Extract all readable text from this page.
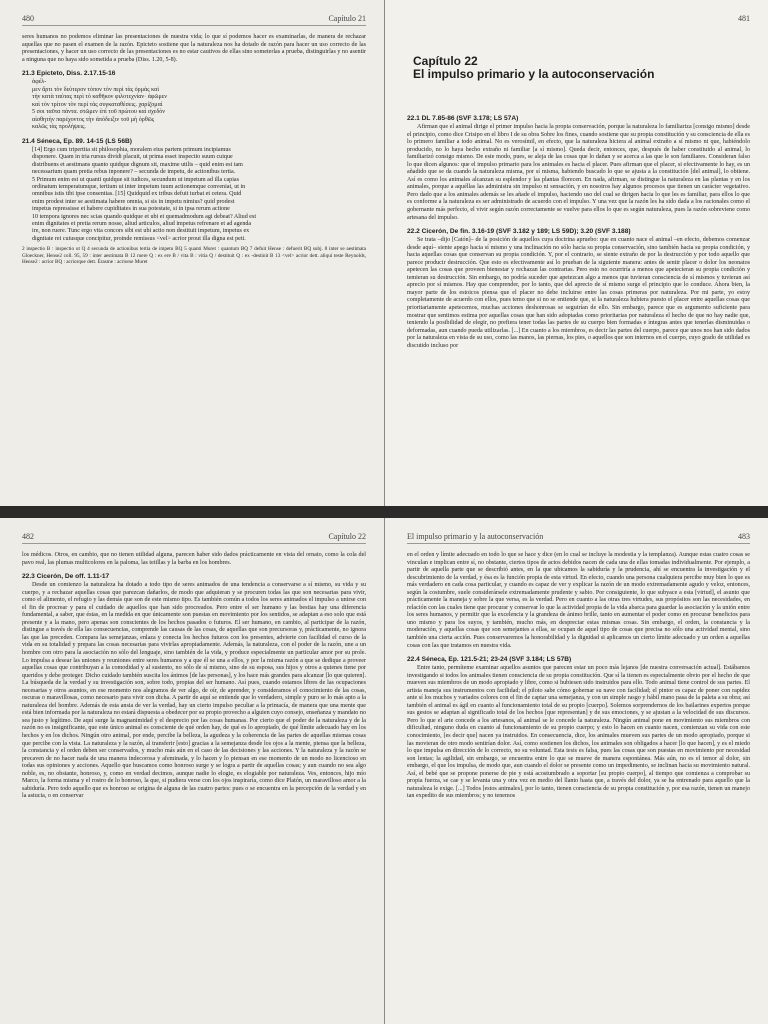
480	Capítulo 21

seres humanos no podemos eliminar las presentaciones de nuestra vida; lo que sí podemos hacer es examinarlas, de manera de rechazar aquellas que no pasen el examen de la razón. Epicteto sostiene que la naturaleza nos ha dotado de razón para hacer un uso correcto de las presentaciones, y hacer un uso correcto de las presentaciones es no estar cautivos de ellas sino someterlas a prueba, distinguirlas y no asentir a ninguna que no haya sido sometida a prueba (Diss. 1.20, 5-8).

21.3 Epicteto, Diss. 2.17.15-16
ἀφέλ-
μεν ἄρτι τὸν δεύτερον τόπον τὸν περὶ τὰς ὁρμὰς καὶ
τὴν κατὰ ταύτας περὶ τὸ καθῆκον φιλοτεχνίαν· ἀφῶμεν
καὶ τὸν τρίτον τὸν περὶ τὰς συγκαταθέσεις. χαρίζομαί
5 σοι ταῦτα πάντα. στῶμεν ἐπὶ τοῦ πρώτου καὶ σχεδὸν
αἰσθητὴν παρέχοντος τὴν ἀπόδειξιν τοῦ μὴ ὀρθῶς
καλῶς τὰς προλήψεις.
21.4 Séneca, Ep. 89. 14-15 (LS 56B)
[14] Ergo cum tripertita sit philosophia, moralem eius partem primum incipiamus
disponere. Quam in tria rursus dividi placuit, ut prima esset inspectio suum cuique
distribuens et aestimans quanto quidque dignum sit, maxime utilis – quid enim est tam
necessarium quam pretia rebus inponere? – secunda de impetu, de actionibus tertia.
5 Primum enim est ut quanti quidque sit iudices, secundum ut impetum ad illa capias
ordinatum temperatumque, tertium ut inter impetum tuum actionemque conveniat, ut in
omnibus istis tibi ipse consentias. [15] Quidquid ex tribus defuit turbat et cetera. Quid
enim prodest inter se aestimata habere omnia, si sis in impetu nimius? quid prodest
impetus repressisse et habere cupiditates in sua potestate, si in ipsa rerum actione
10 tempora ignores nec scias quando quidque et ubi et quemadmodum agi debeat? Aliud est
enim dignitates et pretia rerum nosse, aliud articulos, aliud impetus refrenare et ad agenda
ire, non ruere. Tunc ergo vita concors sibi est ubi actio non destituit impetum, impetus ex
dignitate rei cuiusque concipitur, proinde remissus <vel> acrior prout illa digna est peti.

2 inspectio B : inspectio ut Q 4 secunda de actionibus tertia de impetu BQ 5 quanti Muret : quantum BQ 7 defuit Hense : defuerit BQ subj. 8 inter se aestimata Gloeckner, Hense2 coll. 95, 59 : inter aestimata B 12 ruere Q : ex ere B / vita B : vitia Q / destituit Q : ex -destinit B 13 <vel> acrior dett. aliqui teste Reynolds, Hense2 : acrior BQ : acriorque dett. Érasme : acriorse Muret

481
Capítulo 22
El impulso primario y la autoconservación
22.1 DL 7.85-86 (SVF 3.178; LS 57A)

Afirman que el animal dirige el primer impulso hacia la propia conservación, porque la naturaleza lo familiariza [consigo mismo] desde el principio, como dice Crisipo en el libro I de su obra Sobre los fines, cuando sostiene que su propia constitución y su consciencia de ella es lo primero familiar a todo animal. No es verosímil, en efecto, que la naturaleza hiciera al animal extraño a sí mismo ni que, habiéndolo producido, no lo haya hecho extraño ni familiar [a sí mismo]. Queda decir, entonces, que, después de haber constituido al animal, lo familiarizó consigo mismo. De este modo, pues, se aleja de las cosas que lo dañan y se acerca a las que le son familiares. Consideran falso lo que dicen algunos: que el impulso primario para los animales es hacia el placer. Pues afirman que el placer, si efectivamente lo hay, es un añadido que se da cuando la naturaleza misma, por sí misma, habiendo buscado lo que se ajusta a la constitución [del animal], lo obtiene. Así es como los animales alcanzan su esplendor y las plantas florecen. En nada, afirman, se distingue la naturaleza en las plantas y en los animales, porque a aquéllas las administra sin impulso ni sensación, y en nosotros hay algunos procesos que tienen un carácter vegetativo. Pero dado que a los animales además se les añade el impulso, haciendo uso del cual se dirigen hacia lo que les es familiar, para ellos lo que es conforme a la naturaleza es ser administrado de acuerdo con el impulso. Y una vez que la razón les ha sido dada a los racionales como el gobernante más perfecto, el vivir según razón correctamente se vuelve para ellos lo que es según naturaleza, pues la razón sobreviene como artesana del impulso.

22.2 Cicerón, De fin. 3.16-19 (SVF 3.182 y 189; LS 59D); 3.20 (SVF 3.188)

Se trata –dijo [Catón]– de la posición de aquellos cuya doctrina apruebo: que en cuanto nace el animal –en efecto, debemos comenzar desde aquí– siente apego hacia sí mismo y una inclinación no sólo hacia su propia conservación, sino también hacia su propia condición, y hacia aquellas cosas que conservan su propia condición. Y, por el contrario, se siente extraño de por la destrucción y por todo aquello que parece producir destrucción. Que esto es efectivamente así lo prueban de la siguiente manera: antes de sentir placer o dolor los neonatos apetecen las cosas que proveen bienestar y rechazan las contrarias. Pero esto no ocurriría a menos que apetecieran su propia condición y temieran su destrucción. Sin embargo, no podría suceder que apetezcan algo a menos que tuvieran consciencia de sí mismos y tuvieran así aprecio por sí mismos. Hay que comprender, por lo tanto, que del aprecio de sí mismo surge el principio que lo conduce. Ahora bien, la mayor parte de los estoicos piensa que el placer no debe incluirse entre las cosas primeras por naturaleza. Por mi parte, yo estoy completamente de acuerdo con ellos, pues temo que si no se entiende que, si la naturaleza hubiera puesto el placer entre aquellas cosas que prioritariamente apetecemos, muchas acciones deshonrosas se seguirían de ello. Sin embargo, parece que es argumento suficiente para mostrar que sentimos estima por aquellas cosas que han sido adoptadas como prioritarias por naturaleza el hecho de que no hay nadie que, teniendo la posibilidad de elegir, no prefiera tener todas las partes de su cuerpo bien formadas e íntegras antes que tenerlas disminuidas o deformadas, aun cuando pueda utilizarlas. [...] En cuanto a los miembros, es decir las partes del cuerpo, parece que unos nos han sido dados por la naturaleza en vista de su uso, como las manos, las piernas, los pies, o aquellos que son internos en el cuerpo, cuyo grado de utilidad es discutido incluso por

482	Capítulo 22

los médicos. Otros, en cambio, que no tienen utilidad alguna, parecen haber sido dados prácticamente en vista del ornato, como la cola del pavo real, las plumas multicolores en la paloma, las tetillas y la barba en los hombres.

22.3 Cicerón, De off. 1.11-17

Desde un comienzo la naturaleza ha dotado a todo tipo de seres animados de una tendencia a conservarse a sí mismo, su vida y su cuerpo, y a rechazar aquellas cosas que parezcan dañarlos, de modo que adquieran y se procuren todas las que son necesarias para vivir, como el alimento, el refugio y las demás que son de este mismo tipo. Es también común a todos los seres animados el impulso a unirse con el fin de procrear y para el cuidado de aquellos que han sido procreados. Pero entre el ser humano y las bestias hay una diferencia fundamental, a saber, que éstas, en la medida en que únicamente son puestas en movimiento por los sentidos, se adaptan a eso solo que está presente y a la mano, pero apenas son conscientes de los hechos pasados o futuros. El ser humano, en cambio, al participar de la razón, distingue a través de ella las consecuencias, comprende las causas de las cosas, de aquellas que son precursoras y, prácticamente, no ignora las que las preceden. Compara las semejanzas, enlaza y conecta los hechos futuros con los presentes, advierte con facilidad el curso de la vida en su totalidad y prepara las cosas necesarias para vivirlas apropiadamente. Además, la naturaleza, con el poder de la razón, une a un hombre con otro para la asociación no sólo del lenguaje, sino también de la vida, y produce especialmente un particular amor por su prole. Lo impulsa a desear las uniones y reuniones entre seres humanos y a que él se una a ellos, y por la misma razón a que se dedique a proveer aquellas cosas que contribuyan a la comodidad y al sustento, no sólo de sí mismo, sino de su esposa, sus hijos y otros a quienes tiene por queridos y debe proteger. Dicho cuidado también suscita los ánimos [de las personas], y los hace más grandes para alcanzar [lo que quieren]. La búsqueda de la verdad y su investigación son, sobre todo, propias del ser humano. Así pues, cuando estamos libres de las ocupaciones necesarias y otros asuntos, en ese momento nos alegramos de ver algo, de oír, de aprender, y consideramos el conocimiento de las cosas, oscuras o maravillosas, como necesario para vivir con dicha. A partir de aquí se entiende que lo verdadero, simple y puro se lo más apto a la naturaleza del hombre. Además de esta ansia de ver la verdad, hay un cierto impulso peculiar a la primacía, de manera que una mente que está bien informada por la naturaleza no estará dispuesta a obedecer por su propio provecho a alguien cuyo consejo, enseñanza y mandato no sea justo y legítimo. De aquí surge la magnanimidad y el desprecio por las cosas humanas. Por cierto que el poder de la naturaleza y de la razón no es insignificante, que este único animal es consciente de qué orden hay, de qué es lo apropiado, de qué límite adecuado hay en los hechos y en los dichos. Ningún otro animal, por ende, percibe la belleza, la agudeza y la coherencia de las partes de aquellas mismas cosas que percibe con la vista. La naturaleza y la razón, al transferir [esto] gracias a la semejanza desde los ojos a la mente, piensa que la belleza, la constancia y el orden deben ser conservados, y mucho más aún en el caso de las decisiones y las acciones. Y la naturaleza y la razón se precaven de no hacer nada de una manera indecorosa y afeminada, y lo hacen y lo piensan en ese momento de un modo no licencioso en todas sus opiniones y acciones. Aquello que buscamos como honroso surge y se logra a partir de aquellas cosas; y aun cuando no sea algo noble, es, no obstante, honroso, y, como en verdad decimos, aunque nadie lo elogie, es elogiable por naturaleza. Ves, entonces, hijo mío Marco, la forma misma y el rostro de lo honroso, la que, si pudiera verse con los ojos inspiraría, como dice Platón, un maravilloso amor a la sabiduría. Pero todo aquello que es honroso se origina de alguna de las cuatro partes: pues o se encuentra en la percepción de la verdad y en la astucia, o en conservar

El impulso primario y la autoconservación	483

en el orden y límite adecuado en todo lo que se hace y dice (en lo cual se incluye la modestia y la templanza). Aunque estas cuatro cosas se vinculan e implican entre sí, no obstante, ciertos tipos de actos debidos nacen de cada una de ellas tomadas individualmente. Por ejemplo, a partir de aquella parte que se describió antes, en la que ubicamos la sabiduría y la prudencia, ahí se encuentra la investigación y el descubrimiento de la verdad, y ésa es la función propia de esta virtud. En efecto, cuando una persona cualquiera percibe muy bien lo que es más verdadero en cada cosa particular, y cuando es capaz de ver y explicar la razón de un modo extremadamente agudo y veloz, entonces, según la costumbre, suele considerársele extremadamente prudente y sabio. Por consiguiente, lo que subyace a esta [virtud], el asunto que prácticamente la maneja y sobre la que versa, es la verdad. Pero en cuanto a las otras tres virtudes, sus propósitos son las necesidades, en relación con las cuales tiene que procurar y conservar lo que la actividad propia de la vida abarca para guardar la asociación y la unión entre los seres humanos, y permitir que la excelencia y la grandeza de ánimo brille, tanto en aumentar el poder como en procurar beneficios para uno mismo y para los suyos, y también, mucho más, en despreciar estas mismas cosas. Sin embargo, el orden, la constancia y la moderación, y aquellas cosas que son semejantes a ellas, se ocupan de aquel tipo de cosas que precisa no sólo una actividad mental, sino también una cierta acción. Pues conservaremos la honorabilidad y la dignidad si aplicamos un cierto límite adecuado y un orden a aquellas cosas con las que tratamos en nuestra vida.

22.4 Séneca, Ep. 121.5-21; 23-24 (SVF 3.184; LS 57B)

Entre tanto, permíteme examinar aquellos asuntos que parecen estar un poco más lejanos [de nuestra conversación actual]. Estábamos investigando si todos los animales tienen consciencia de su propia constitución. Que sí la tienen es especialmente obvio por el hecho de que mueven sus miembros de un modo apropiado y libre, como si hubiesen sido instruidos para ello. Todo animal tiene control de sus partes. El artista maneja sus instrumentos con facilidad; el piloto sabe cómo gobernar su nave con facilidad; el pintor es capaz de poner con rapidez ante sí los muchos y variados colores con el fin de captar una semejanza, y con un simple rasgo y hábil mano pasa de la paleta a su obra; así también el animal es ágil en cuanto al funcionamiento total de su propio [cuerpo]. Solemos sorprendernos de los bailarines expertos porque sus gestos se adaptan al significado total de los hechos [que representan] y de sus emociones, y se ajustan a la velocidad de sus discursos. Pero lo que el arte concede a los artesanos, al animal se le concede la naturaleza. Ningún animal pone en movimiento sus miembros con dificultad, ninguno duda en cuanto al funcionamiento de su propio cuerpo; y esto lo hacen en cuanto nacen, comienzan su vida con este conocimiento, [es decir que] nacen ya instruidos. En consecuencia, dice, los animales mueven sus partes de un modo apropiado, porque si las movieran de otro modo sentirían dolor. Así, como sostienen los dichos, los animales son obligados a hacer [lo que hacen], y es el miedo lo que impulsa en dirección de lo correcto, no su voluntad. Esta tesis es falsa, pues las cosas que son puestas en movimiento por necesidad son lentas; la agilidad, sin embargo, se encuentra entre lo que se mueve de manera espontánea. Más aún, no es el temor al dolor, sin embargo, el que los impulsa, de modo que, aun cuando el dolor se presente como un impedimento, se inclinan hacia su movimiento natural. Así, el bebé que se propone ponerse de pie y está acostumbrado a soportar [su propio cuerpo], al tiempo que comienza a comprobar su propia fuerza, se cae y se levanta una y otra vez en medio del llanto hasta que, a través del dolor, ya se ha entrenado para aquello que la naturaleza le exige. [...] Todos [estos animales], por lo tanto, tienen consciencia de su propia constitución y, por esa razón, tienen un manejo tan expedito de sus miembros; y no tenemos
